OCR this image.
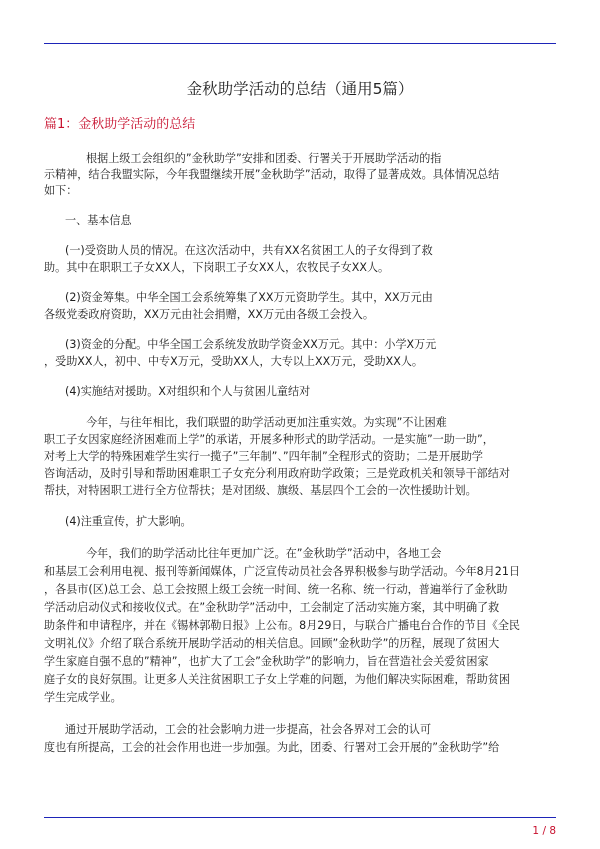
金秋助学活动的总结（通用5篇）
篇1：金秋助学活动的总结
根据上级工会组织的”金秋助学”安排和团委、行署关于开展助学活动的指
示精神，结合我盟实际，今年我盟继续开展”金秋助学”活动，取得了显著成效。具体情况总结
如下：
一、基本信息
(一)受资助人员的情况。在这次活动中，共有XX名贫困工人的子女得到了救
助。其中在职职工子女XX人，下岗职工子女XX人，农牧民子女XX人。
(2)资金筹集。中华全国工会系统筹集了XX万元资助学生。其中，XX万元由
各级党委政府资助，XX万元由社会捐赠，XX万元由各级工会投入。
(3)资金的分配。中华全国工会系统发放助学资金XX万元。其中：小学X万元
，受助XX人，初中、中专X万元，受助XX人，大专以上XX万元，受助XX人。
(4)实施结对援助。X对组织和个人与贫困儿童结对
今年，与往年相比，我们联盟的助学活动更加注重实效。为实现”不让困难
职工子女因家庭经济困难而上学”的承诺，开展多种形式的助学活动。一是实施”一助一助”，
对考上大学的特殊困难学生实行一揽子”三年制”、”四年制”全程形式的资助；二是开展助学
咨询活动，及时引导和帮助困难职工子女充分利用政府助学政策；三是党政机关和领导干部结对
帮扶，对特困职工进行全方位帮扶；是对团级、旗级、基层四个工会的一次性援助计划。
(4)注重宣传，扩大影响。
今年，我们的助学活动比往年更加广泛。在”金秋助学”活动中，各地工会
和基层工会利用电视、报刊等新闻媒体，广泛宣传动员社会各界积极参与助学活动。今年8月21日
，各县市(区)总工会、总工会按照上级工会统一时间、统一名称、统一行动，普遍举行了金秋助
学活动启动仪式和接收仪式。在”金秋助学”活动中，工会制定了活动实施方案，其中明确了救
助条件和申请程序，并在《锡林郭勒日报》上公布。8月29日，与联合广播电台合作的节目《全民
文明礼仪》介绍了联合系统开展助学活动的相关信息。回顾”金秋助学”的历程，展现了贫困大
学生家庭自强不息的”精神”，也扩大了工会”金秋助学”的影响力，旨在营造社会关爱贫困家
庭子女的良好氛围。让更多人关注贫困职工子女上学难的问题，为他们解决实际困难，帮助贫困
学生完成学业。
通过开展助学活动，工会的社会影响力进一步提高，社会各界对工会的认可
度也有所提高，工会的社会作用也进一步加强。为此，团委、行署对工会开展的”金秋助学”给
1 / 8
